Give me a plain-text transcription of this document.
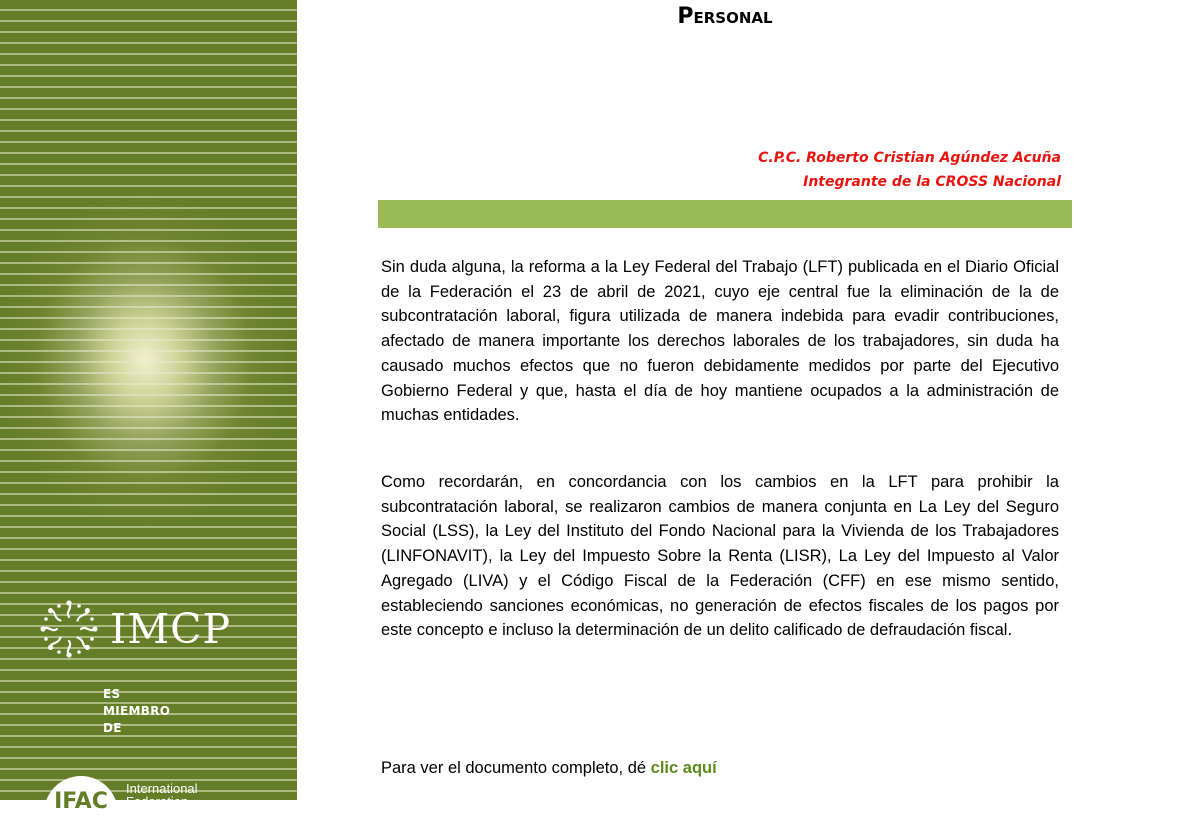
IMCP
ES
MIEMBRO
DE
IFAC
International
Federation
Personal
C.P.C. Roberto Cristian Agúndez Acuña
Integrante de la CROSS Nacional

Sin duda alguna, la reforma a la Ley Federal del Trabajo (LFT) publicada en el Diario Oficial de la Federación el 23 de abril de 2021, cuyo eje central fue la eliminación de la de subcontratación laboral, figura utilizada de manera indebida para evadir contribuciones, afectado de manera importante los derechos laborales de los trabajadores, sin duda ha causado muchos efectos que no fueron debidamente medidos por parte del Ejecutivo Gobierno Federal y que, hasta el día de hoy mantiene ocupados a la administración de muchas entidades.

Como recordarán, en concordancia con los cambios en la LFT para prohibir la subcontratación laboral, se realizaron cambios de manera conjunta en La Ley del Seguro Social (LSS), la Ley del Instituto del Fondo Nacional para la Vivienda de los Trabajadores (LINFONAVIT), la Ley del Impuesto Sobre la Renta (LISR), La Ley del Impuesto al Valor Agregado (LIVA) y el Código Fiscal de la Federación (CFF) en ese mismo sentido, estableciendo sanciones económicas, no generación de efectos fiscales de los pagos por este concepto e incluso la determinación de un delito calificado de defraudación fiscal.

Para ver el documento completo, dé clic aquí
